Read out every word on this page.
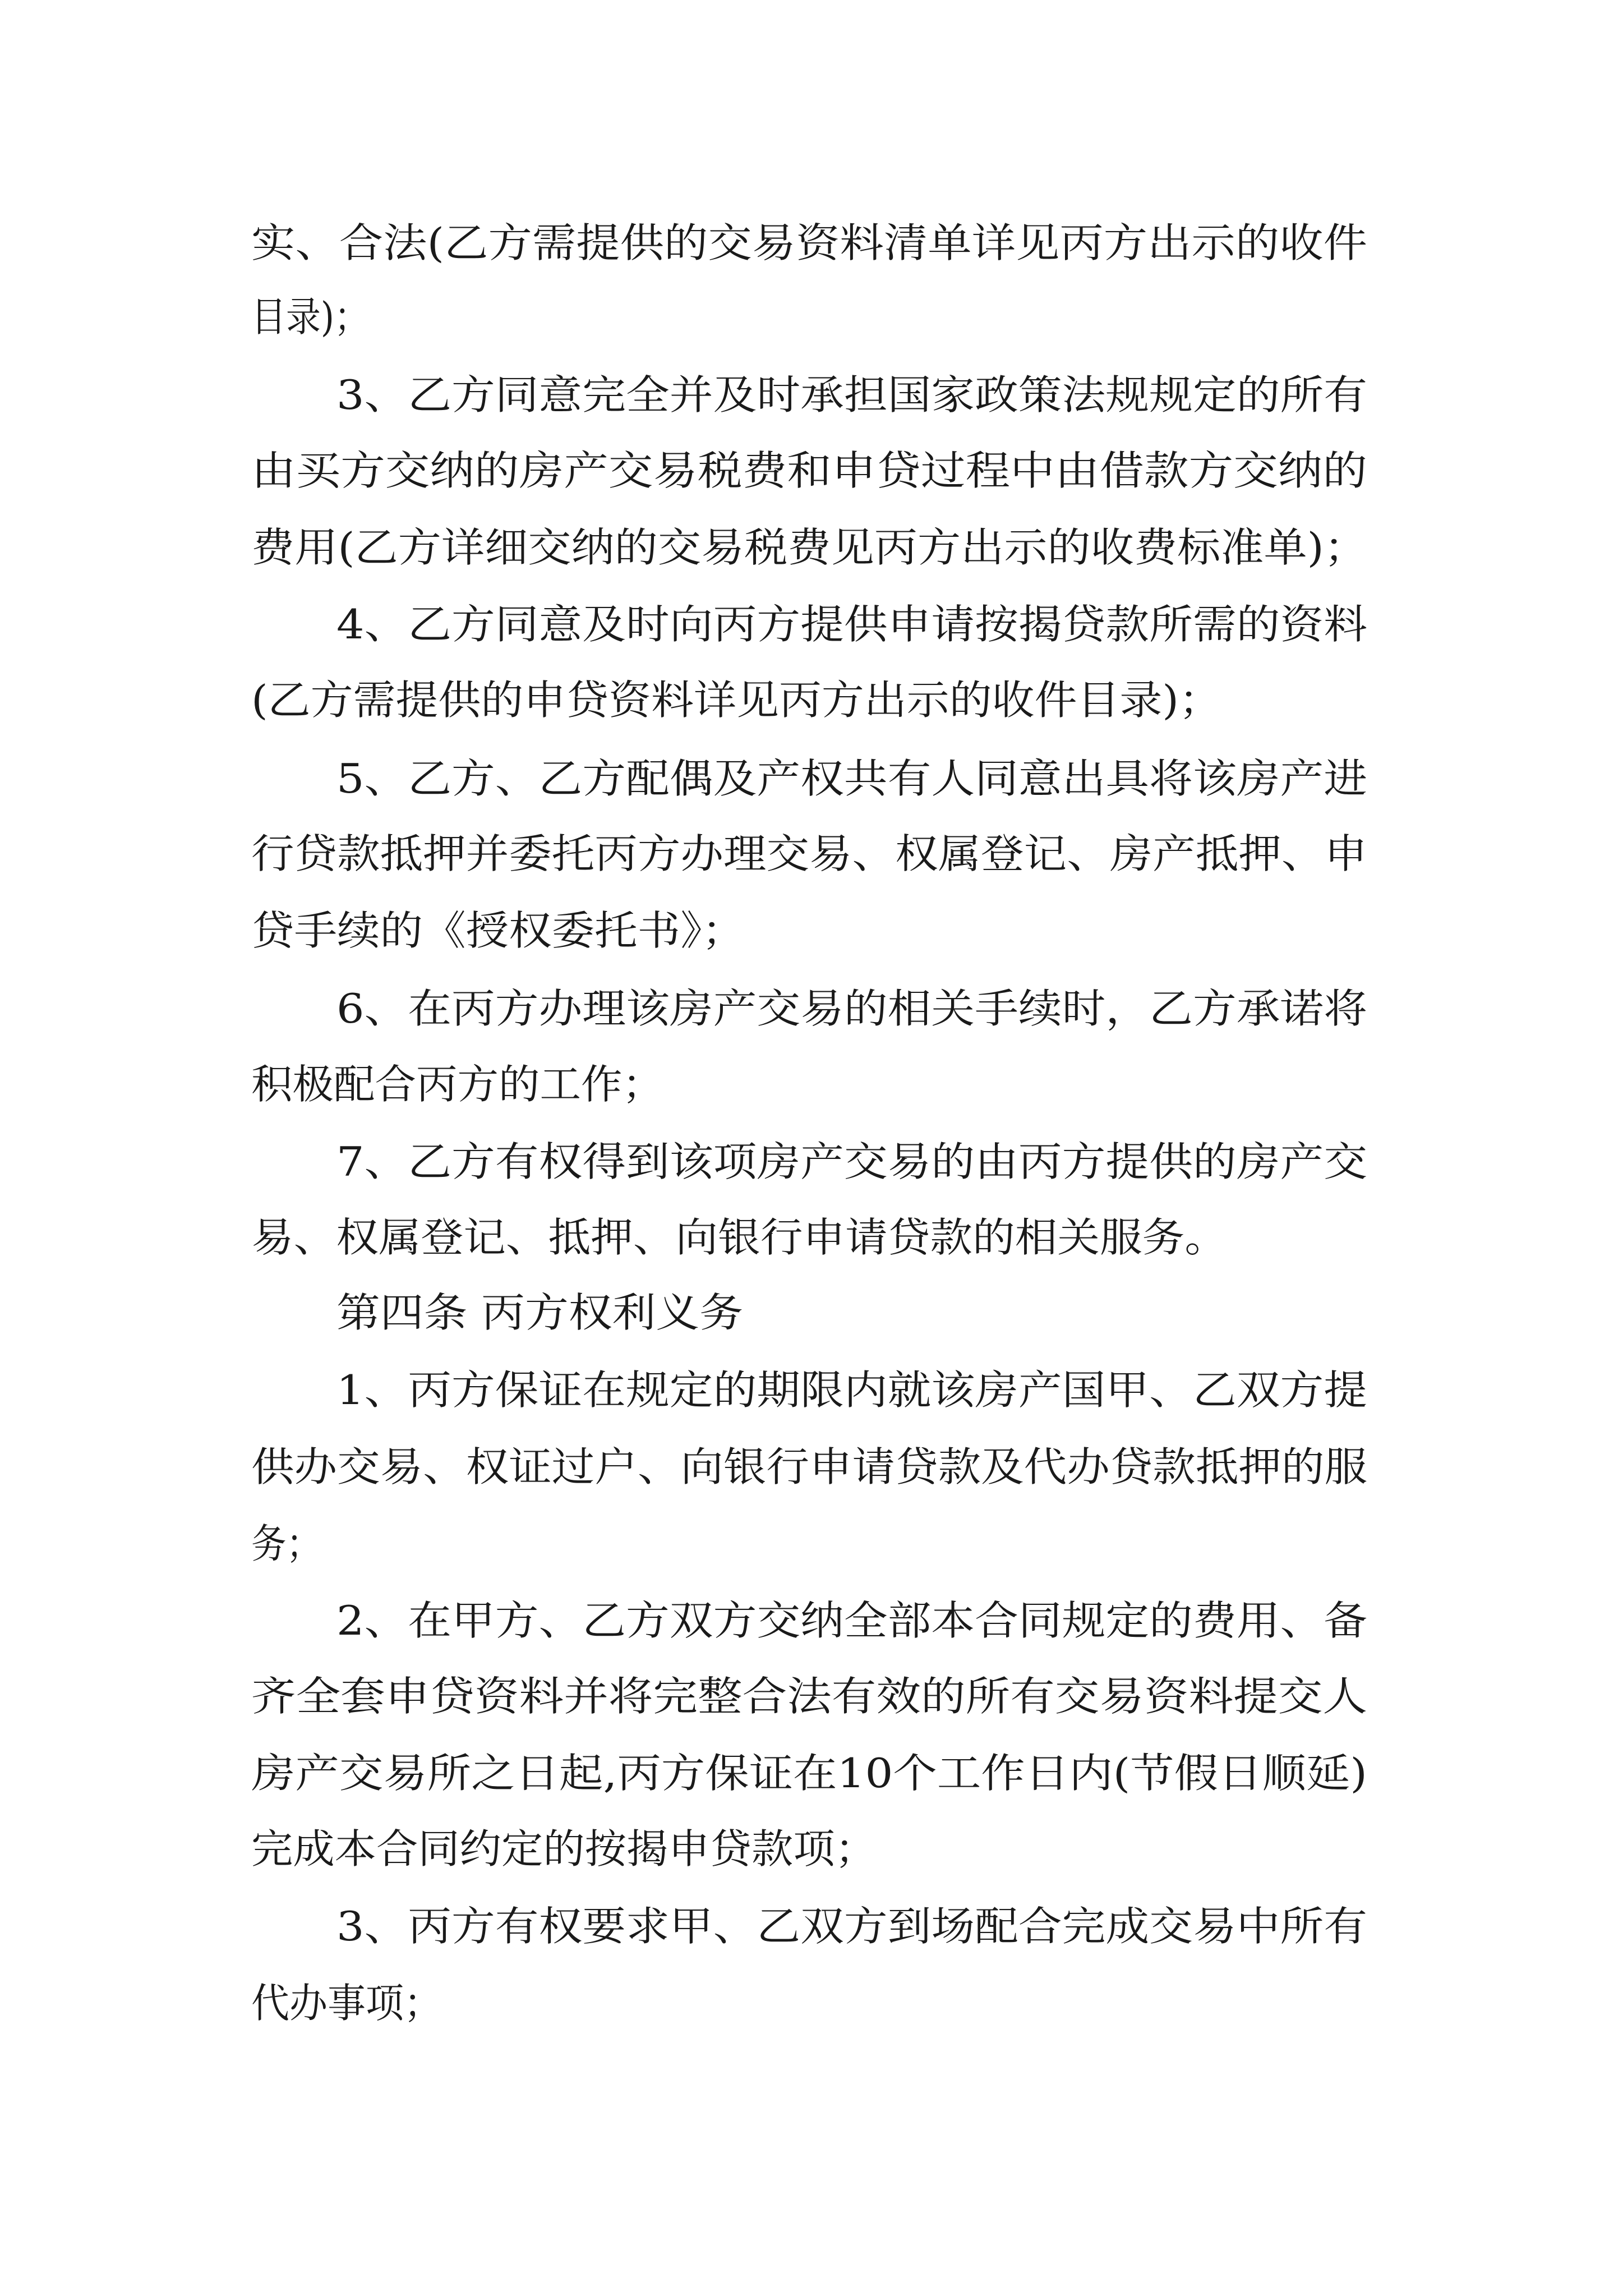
实、合法(乙方需提供的交易资料清单详见丙方出示的收件
目录)；
3、乙方同意完全并及时承担国家政策法规规定的所有
由买方交纳的房产交易税费和申贷过程中由借款方交纳的
费用(乙方详细交纳的交易税费见丙方出示的收费标准单)；
4、乙方同意及时向丙方提供申请按揭贷款所需的资料
(乙方需提供的申贷资料详见丙方出示的收件目录)；
5、乙方、乙方配偶及产权共有人同意出具将该房产进
行贷款抵押并委托丙方办理交易、权属登记、房产抵押、申
贷手续的《授权委托书》；
6、在丙方办理该房产交易的相关手续时，乙方承诺将
积极配合丙方的工作；
7、乙方有权得到该项房产交易的由丙方提供的房产交
易、权属登记、抵押、向银行申请贷款的相关服务。
第四条 丙方权利义务
1、丙方保证在规定的期限内就该房产国甲、乙双方提
供办交易、权证过户、向银行申请贷款及代办贷款抵押的服
务；
2、在甲方、乙方双方交纳全部本合同规定的费用、备
齐全套申贷资料并将完整合法有效的所有交易资料提交人
房产交易所之日起,丙方保证在10个工作日内(节假日顺延)
完成本合同约定的按揭申贷款项；
3、丙方有权要求甲、乙双方到场配合完成交易中所有
代办事项；
